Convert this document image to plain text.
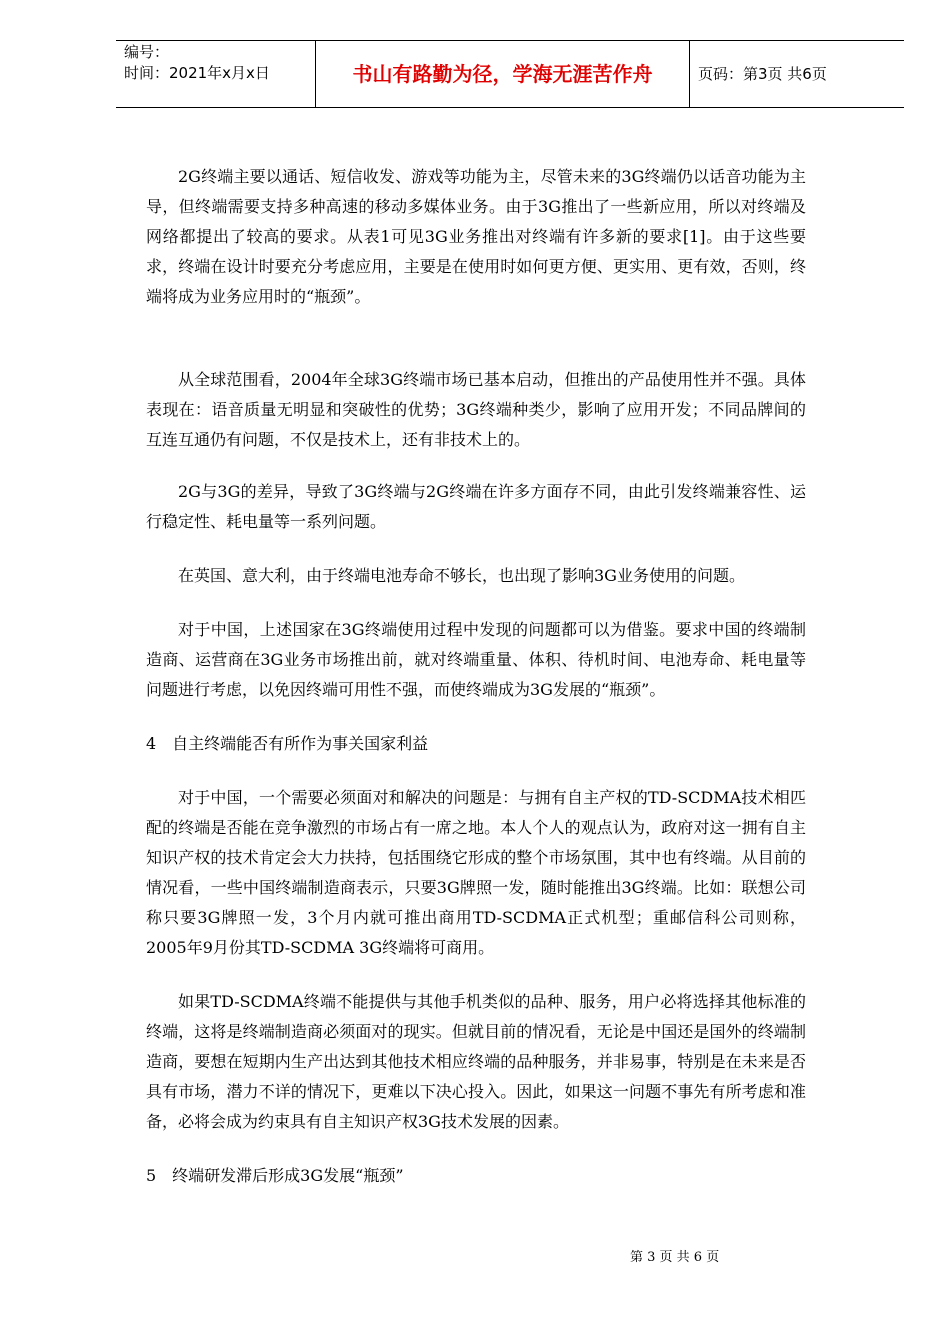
编号：
时间：2021年x月x日	书山有路勤为径，学海无涯苦作舟	页码：第3页 共6页

2G终端主要以通话、短信收发、游戏等功能为主，尽管未来的3G终端仍以话音功能为主导，但终端需要支持多种高速的移动多媒体业务。由于3G推出了一些新应用，所以对终端及网络都提出了较高的要求。从表1可见3G业务推出对终端有许多新的要求[1]。由于这些要求，终端在设计时要充分考虑应用，主要是在使用时如何更方便、更实用、更有效，否则，终端将成为业务应用时的“瓶颈”。

从全球范围看，2004年全球3G终端市场已基本启动，但推出的产品使用性并不强。具体表现在：语音质量无明显和突破性的优势；3G终端种类少，影响了应用开发；不同品牌间的互连互通仍有问题，不仅是技术上，还有非技术上的。

2G与3G的差异，导致了3G终端与2G终端在许多方面存不同，由此引发终端兼容性、运行稳定性、耗电量等一系列问题。

在英国、意大利，由于终端电池寿命不够长，也出现了影响3G业务使用的问题。

对于中国，上述国家在3G终端使用过程中发现的问题都可以为借鉴。要求中国的终端制造商、运营商在3G业务市场推出前，就对终端重量、体积、待机时间、电池寿命、耗电量等问题进行考虑，以免因终端可用性不强，而使终端成为3G发展的“瓶颈”。

4　自主终端能否有所作为事关国家利益

对于中国，一个需要必须面对和解决的问题是：与拥有自主产权的TD-SCDMA技术相匹配的终端是否能在竞争激烈的市场占有一席之地。本人个人的观点认为，政府对这一拥有自主知识产权的技术肯定会大力扶持，包括围绕它形成的整个市场氛围，其中也有终端。从目前的情况看，一些中国终端制造商表示，只要3G牌照一发，随时能推出3G终端。比如：联想公司称只要3G牌照一发，3个月内就可推出商用TD-SCDMA正式机型；重邮信科公司则称，2005年9月份其TD-SCDMA 3G终端将可商用。

如果TD-SCDMA终端不能提供与其他手机类似的品种、服务，用户必将选择其他标准的终端，这将是终端制造商必须面对的现实。但就目前的情况看，无论是中国还是国外的终端制造商，要想在短期内生产出达到其他技术相应终端的品种服务，并非易事，特别是在未来是否具有市场，潜力不详的情况下，更难以下决心投入。因此，如果这一问题不事先有所考虑和准备，必将会成为约束具有自主知识产权3G技术发展的因素。

5　终端研发滞后形成3G发展“瓶颈”

第 3 页 共 6 页
